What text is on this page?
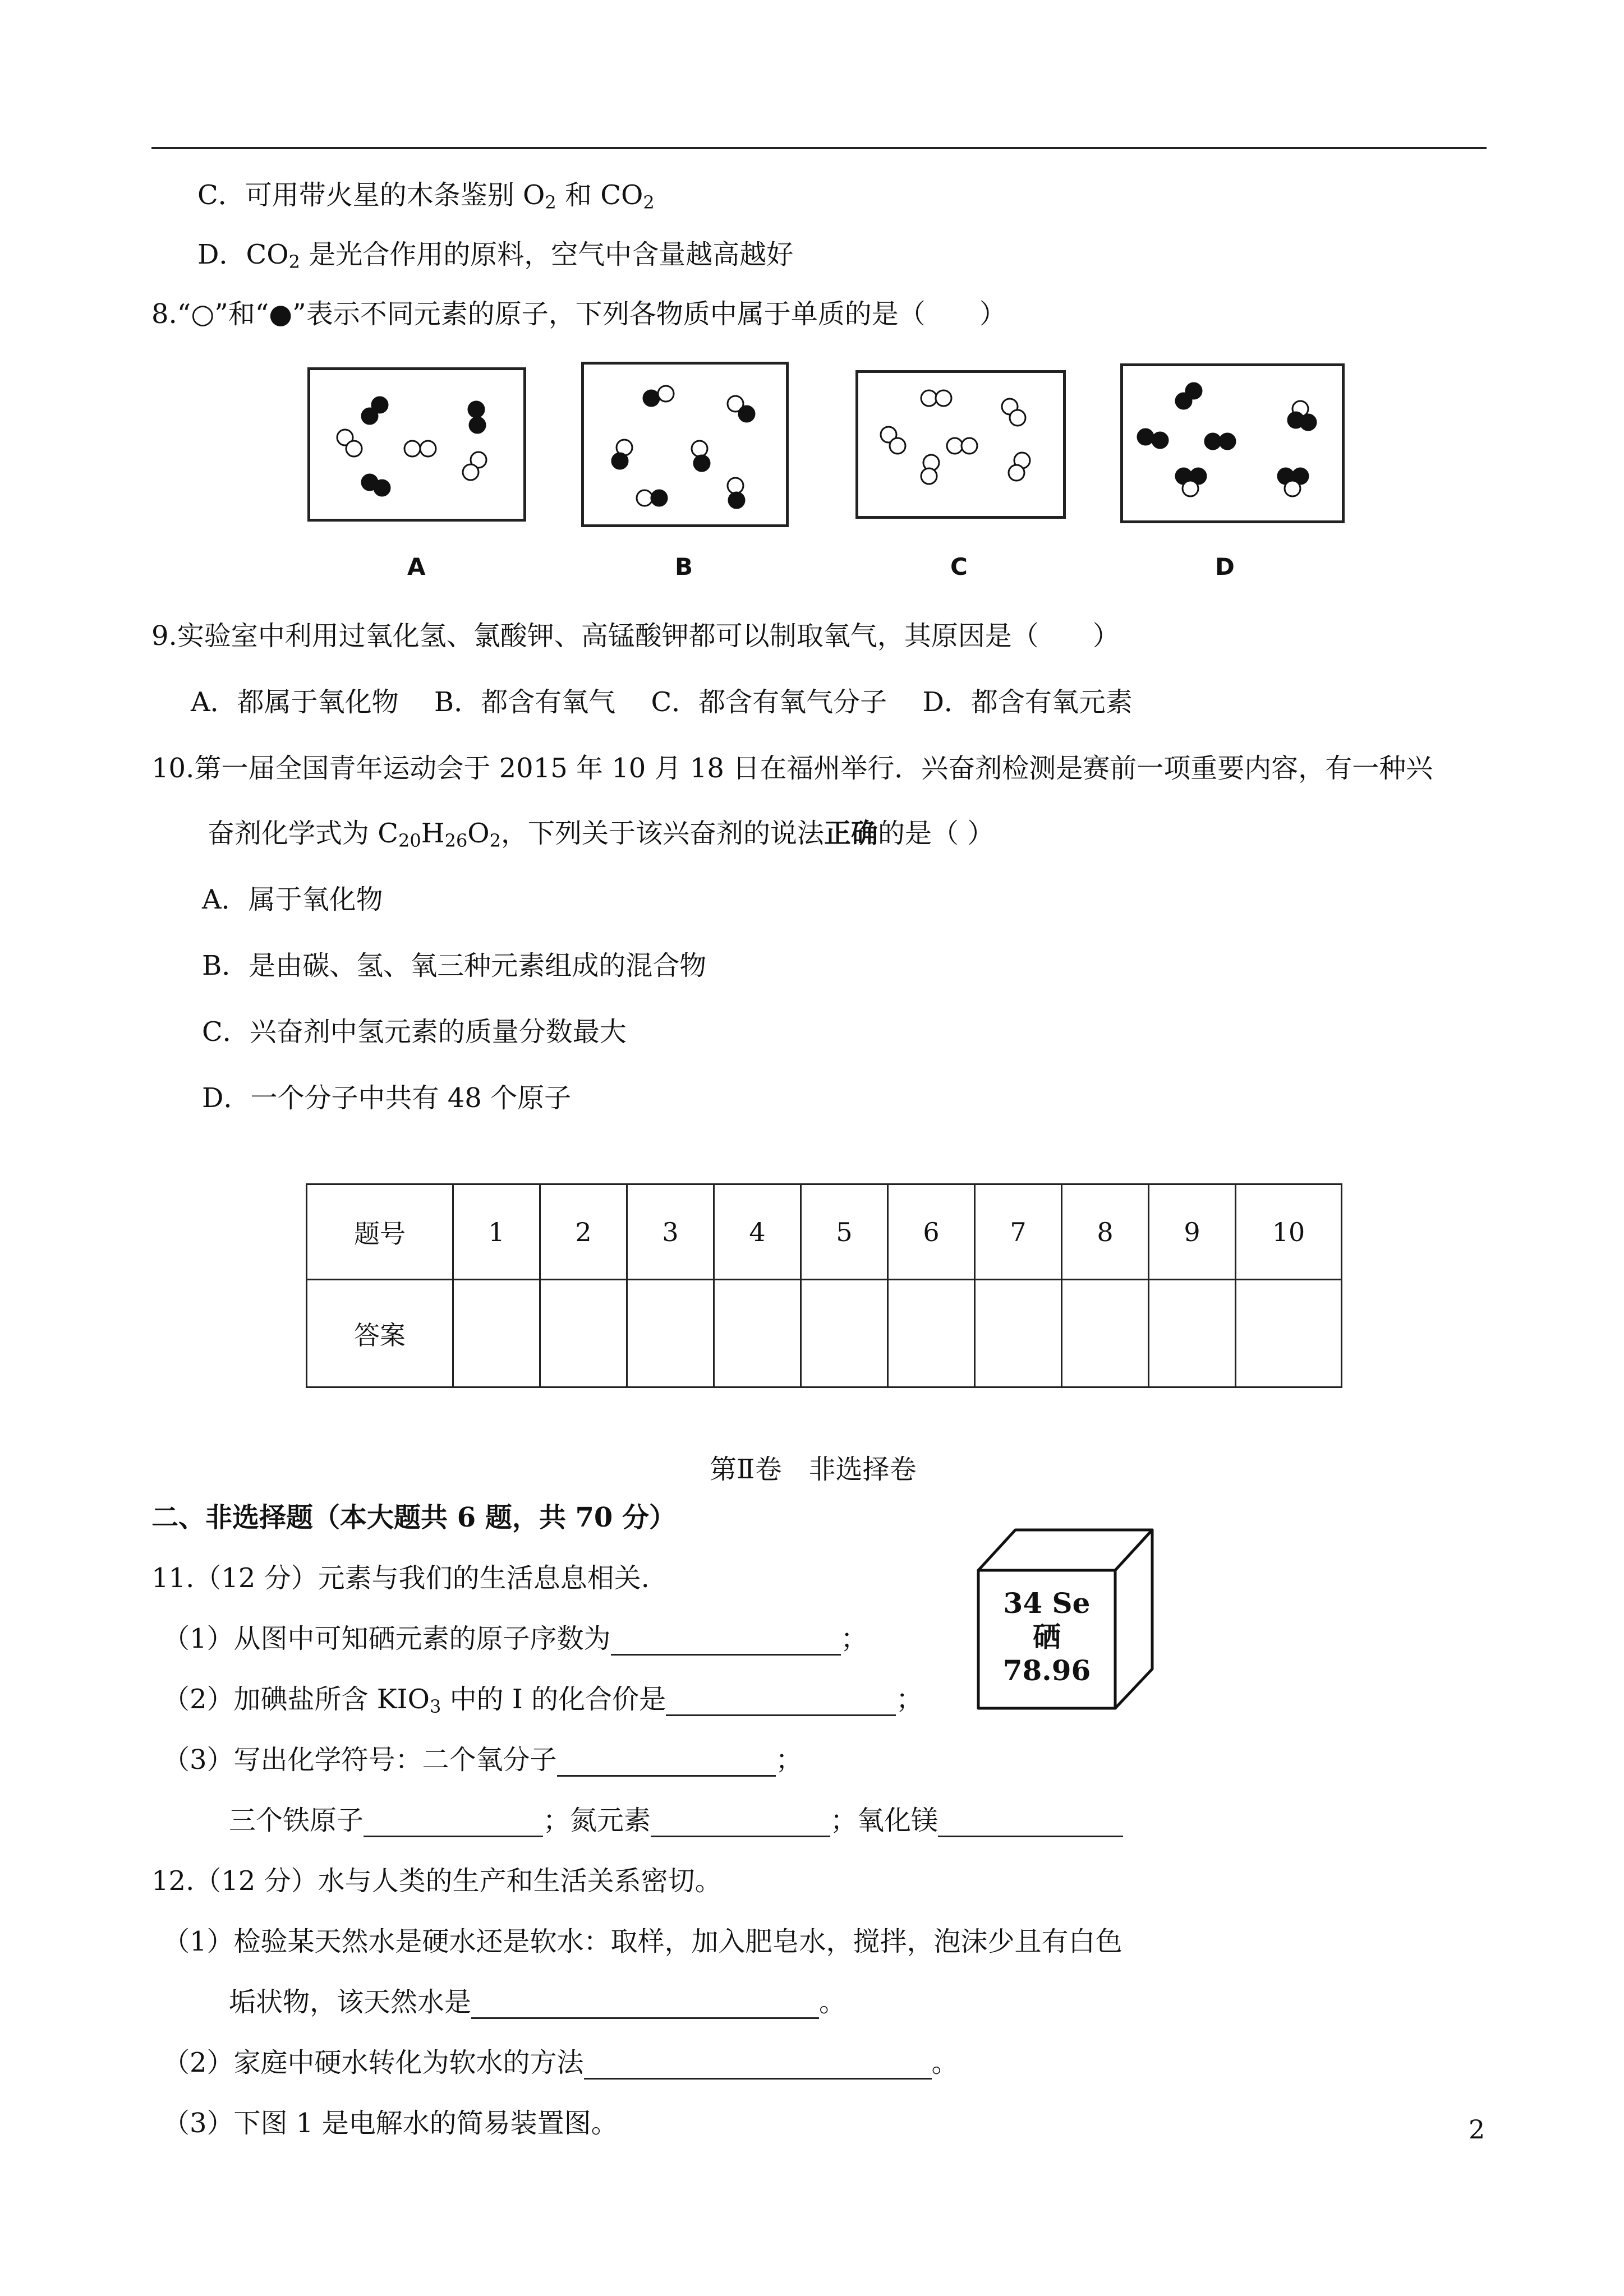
C．可用带火星的木条鉴别 $O_2$ 和 $CO_2$
D．$CO_2$ 是光合作用的原料，空气中含量越高越好
8.“○”和“●”表示不同元素的原子，下列各物质中属于单质的是（　　）
A	B	C	D
9.实验室中利用过氧化氢、氯酸钾、高锰酸钾都可以制取氧气，其原因是（　　）
A．都属于氧化物　 B．都含有氧气　 C．都含有氧气分子　 D．都含有氧元素
10.第一届全国青年运动会于 2015 年 10 月 18 日在福州举行．兴奋剂检测是赛前一项重要内容，有一种兴
奋剂化学式为 $C_{20}H_{26}O_2$，下列关于该兴奋剂的说法正确的是（ ）
A．属于氧化物
B．是由碳、氢、氧三种元素组成的混合物
C．兴奋剂中氢元素的质量分数最大
D．一个分子中共有 48 个原子
题号	1	2	3	4	5	6	7	8	9	10
答案										
第Ⅱ卷　非选择卷
二、非选择题（本大题共 6 题，共 70 分）
11.（12 分）元素与我们的生活息息相关.
（1）从图中可知硒元素的原子序数为	；
（2）加碘盐所含 $KIO_3$ 中的 I 的化合价是	；
（3）写出化学符号：二个氧分子	；
三个铁原子	；氮元素	；氧化镁
34 Se
硒
78.96
12.（12 分）水与人类的生产和生活关系密切。
（1）检验某天然水是硬水还是软水：取样，加入肥皂水，搅拌，泡沫少且有白色
垢状物，该天然水是	。
（2）家庭中硬水转化为软水的方法	。
（3）下图 1 是电解水的简易装置图。	2
